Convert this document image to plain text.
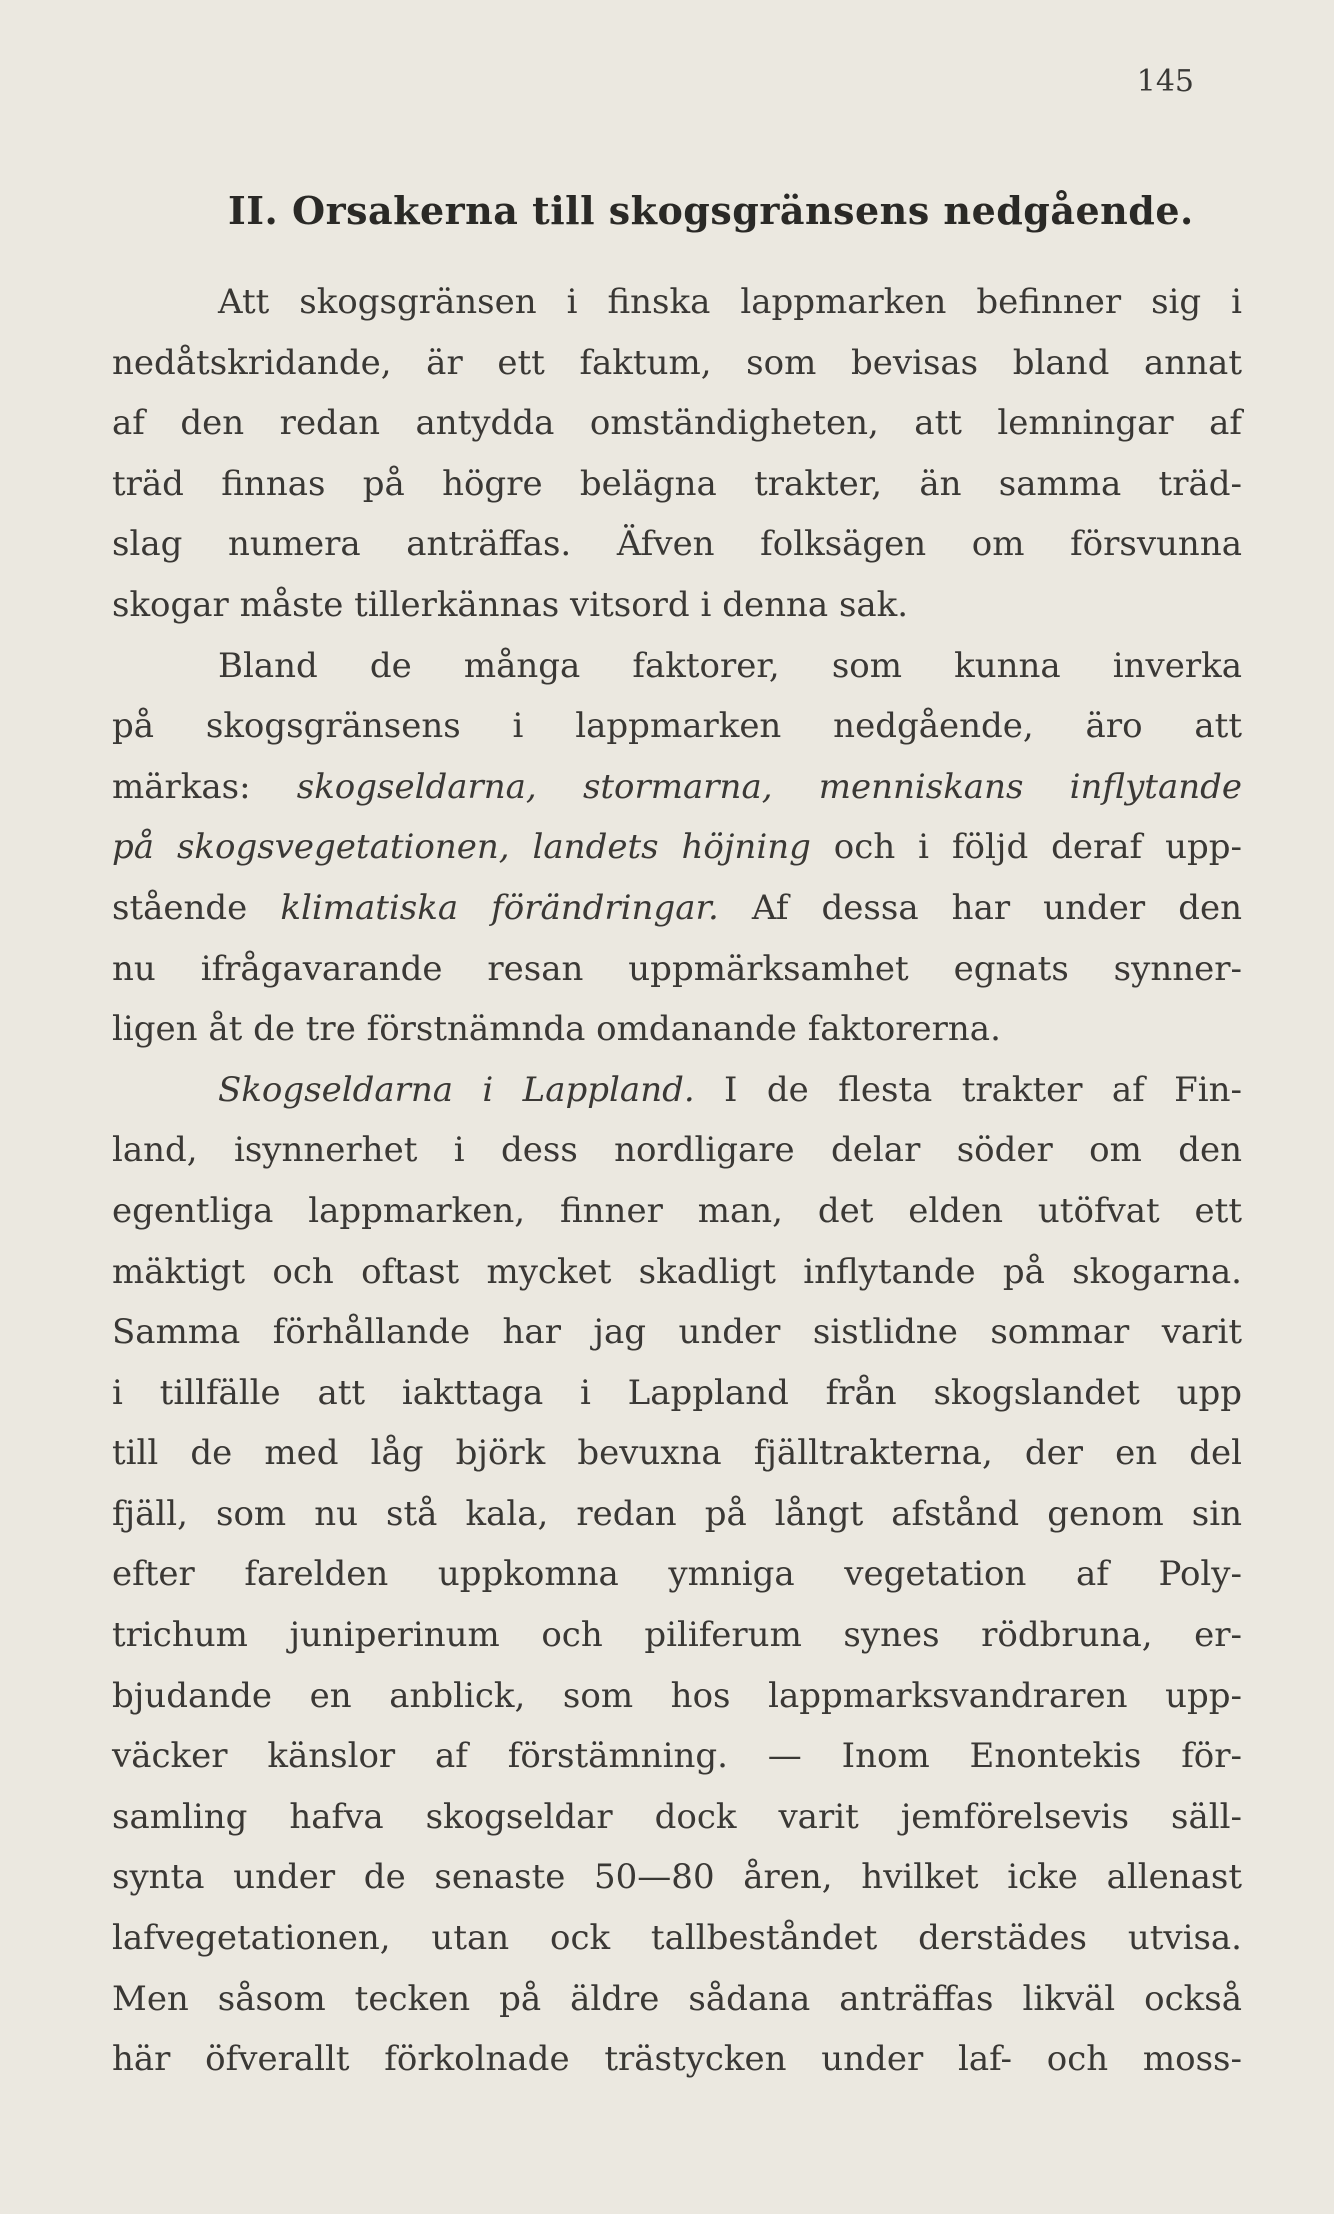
145
II. Orsakerna till skogsgränsens nedgående.
Att skogsgränsen i finska lappmarken befinner sig i
nedåtskridande, är ett faktum, som bevisas bland annat
af den redan antydda omständigheten, att lemningar af
träd finnas på högre belägna trakter, än samma träd-
slag numera anträffas. Äfven folksägen om försvunna
skogar måste tillerkännas vitsord i denna sak.
Bland de många faktorer, som kunna inverka
på skogsgränsens i lappmarken nedgående, äro att
märkas: skogseldarna, stormarna, menniskans inflytande
på skogsvegetationen, landets höjning och i följd deraf upp-
stående klimatiska förändringar. Af dessa har under den
nu ifrågavarande resan uppmärksamhet egnats synner-
ligen åt de tre förstnämnda omdanande faktorerna.
Skogseldarna i Lappland. I de flesta trakter af Fin-
land, isynnerhet i dess nordligare delar söder om den
egentliga lappmarken, finner man, det elden utöfvat ett
mäktigt och oftast mycket skadligt inflytande på skogarna.
Samma förhållande har jag under sistlidne sommar varit
i tillfälle att iakttaga i Lappland från skogslandet upp
till de med låg björk bevuxna fjälltrakterna, der en del
fjäll, som nu stå kala, redan på långt afstånd genom sin
efter farelden uppkomna ymniga vegetation af Poly-
trichum juniperinum och piliferum synes rödbruna, er-
bjudande en anblick, som hos lappmarksvandraren upp-
väcker känslor af förstämning. — Inom Enontekis för-
samling hafva skogseldar dock varit jemförelsevis säll-
synta under de senaste 50—80 åren, hvilket icke allenast
lafvegetationen, utan ock tallbeståndet derstädes utvisa.
Men såsom tecken på äldre sådana anträffas likväl också
här öfverallt förkolnade trästycken under laf- och moss-
